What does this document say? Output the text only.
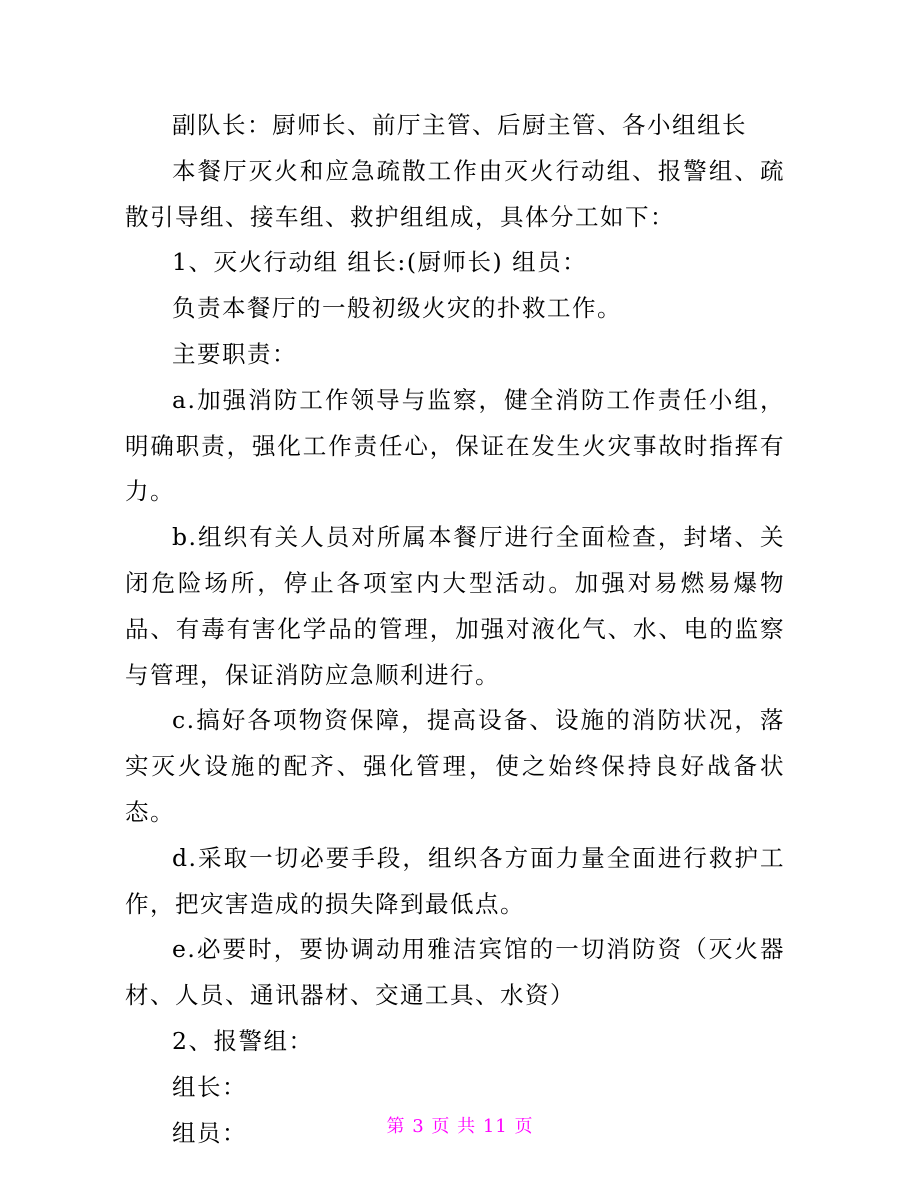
副队长：厨师长、前厅主管、后厨主管、各小组组长

本餐厅灭火和应急疏散工作由灭火行动组、报警组、疏散引导组、接车组、救护组组成，具体分工如下：

1、灭火行动组 组长:(厨师长) 组员：

负责本餐厅的一般初级火灾的扑救工作。

主要职责：

a.加强消防工作领导与监察，健全消防工作责任小组，明确职责，强化工作责任心，保证在发生火灾事故时指挥有力。

b.组织有关人员对所属本餐厅进行全面检查，封堵、关闭危险场所，停止各项室内大型活动。加强对易燃易爆物品、有毒有害化学品的管理，加强对液化气、水、电的监察与管理，保证消防应急顺利进行。

c.搞好各项物资保障，提高设备、设施的消防状况，落实灭火设施的配齐、强化管理，使之始终保持良好战备状态。

d.采取一切必要手段，组织各方面力量全面进行救护工作，把灾害造成的损失降到最低点。

e.必要时，要协调动用雅洁宾馆的一切消防资（灭火器材、人员、通讯器材、交通工具、水资）

2、报警组：

组长：

组员：	第 3 页 共 11 页
